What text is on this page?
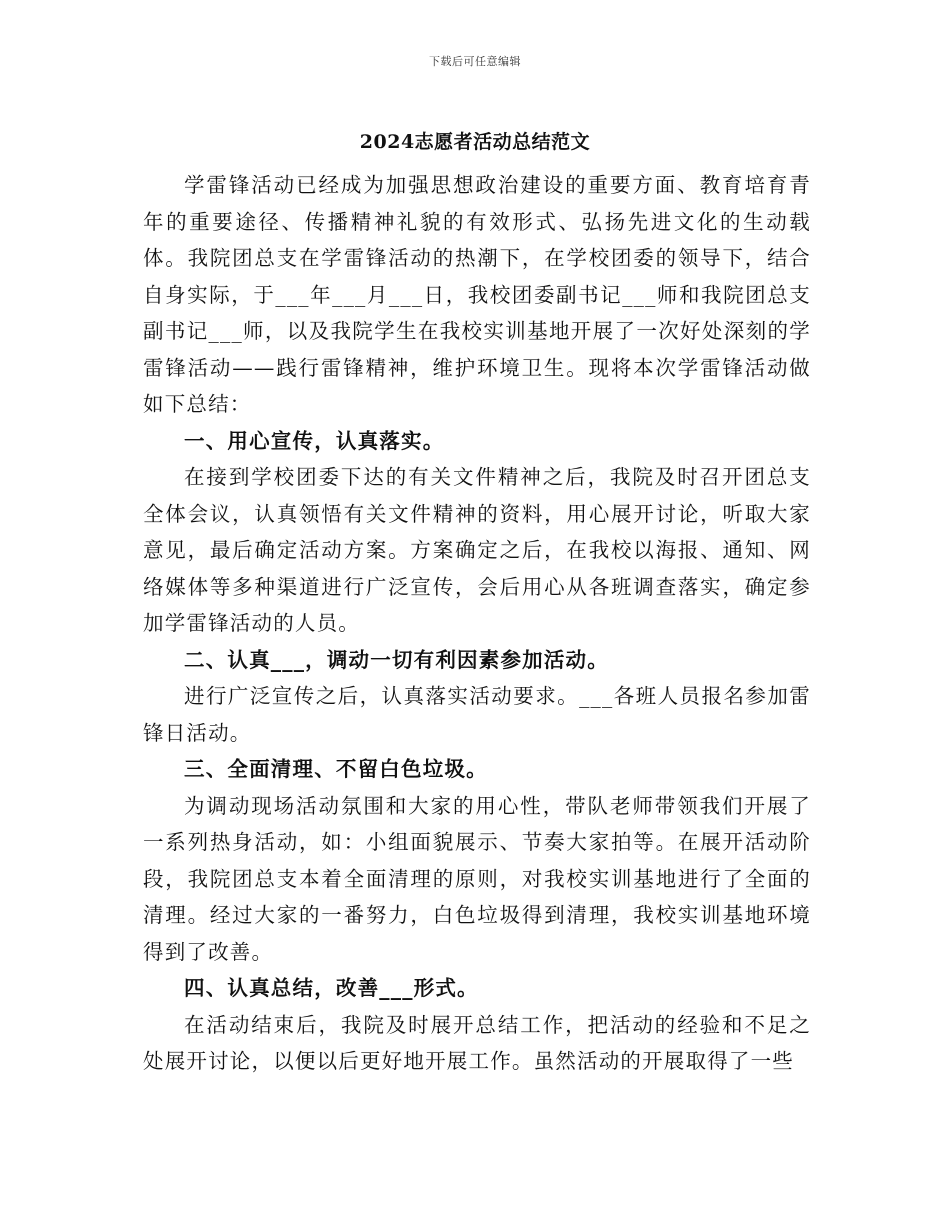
下载后可任意编辑
2024志愿者活动总结范文

学雷锋活动已经成为加强思想政治建设的重要方面、教育培育青年的重要途径、传播精神礼貌的有效形式、弘扬先进文化的生动载体。我院团总支在学雷锋活动的热潮下，在学校团委的领导下，结合自身实际，于___年___月___日，我校团委副书记___师和我院团总支副书记___师，以及我院学生在我校实训基地开展了一次好处深刻的学雷锋活动——践行雷锋精神，维护环境卫生。现将本次学雷锋活动做如下总结：

一、用心宣传，认真落实。

在接到学校团委下达的有关文件精神之后，我院及时召开团总支全体会议，认真领悟有关文件精神的资料，用心展开讨论，听取大家意见，最后确定活动方案。方案确定之后，在我校以海报、通知、网络媒体等多种渠道进行广泛宣传，会后用心从各班调查落实，确定参加学雷锋活动的人员。

二、认真___，调动一切有利因素参加活动。

进行广泛宣传之后，认真落实活动要求。___各班人员报名参加雷锋日活动。

三、全面清理、不留白色垃圾。

为调动现场活动氛围和大家的用心性，带队老师带领我们开展了一系列热身活动，如：小组面貌展示、节奏大家拍等。在展开活动阶段，我院团总支本着全面清理的原则，对我校实训基地进行了全面的清理。经过大家的一番努力，白色垃圾得到清理，我校实训基地环境得到了改善。

四、认真总结，改善___形式。

在活动结束后，我院及时展开总结工作，把活动的经验和不足之处展开讨论，以便以后更好地开展工作。虽然活动的开展取得了一些
